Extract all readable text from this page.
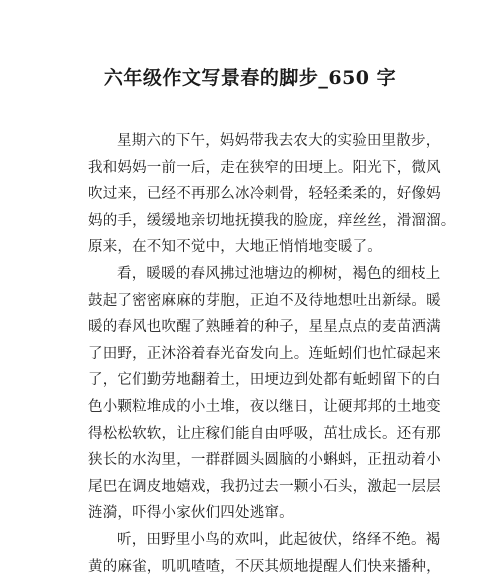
六年级作文写景春的脚步_650 字
星期六的下午，妈妈带我去农大的实验田里散步，
我和妈妈一前一后，走在狭窄的田埂上。阳光下，微风
吹过来，已经不再那么冰冷刺骨，轻轻柔柔的，好像妈
妈的手，缓缓地亲切地抚摸我的脸庞，痒丝丝，滑溜溜。
原来，在不知不觉中，大地正悄悄地变暖了。
看，暖暖的春风拂过池塘边的柳树，褐色的细枝上
鼓起了密密麻麻的芽胞，正迫不及待地想吐出新绿。暖
暖的春风也吹醒了熟睡着的种子，星星点点的麦苗洒满
了田野，正沐浴着春光奋发向上。连蚯蚓们也忙碌起来
了，它们勤劳地翻着土，田埂边到处都有蚯蚓留下的白
色小颗粒堆成的小土堆，夜以继日，让硬邦邦的土地变
得松松软软，让庄稼们能自由呼吸，茁壮成长。还有那
狭长的水沟里，一群群圆头圆脑的小蝌蚪，正扭动着小
尾巴在调皮地嬉戏，我扔过去一颗小石头，激起一层层
涟漪，吓得小家伙们四处逃窜。
听，田野里小鸟的欢叫，此起彼伏，络绎不绝。褐
黄的麻雀，叽叽喳喳，不厌其烦地提醒人们快来播种，
